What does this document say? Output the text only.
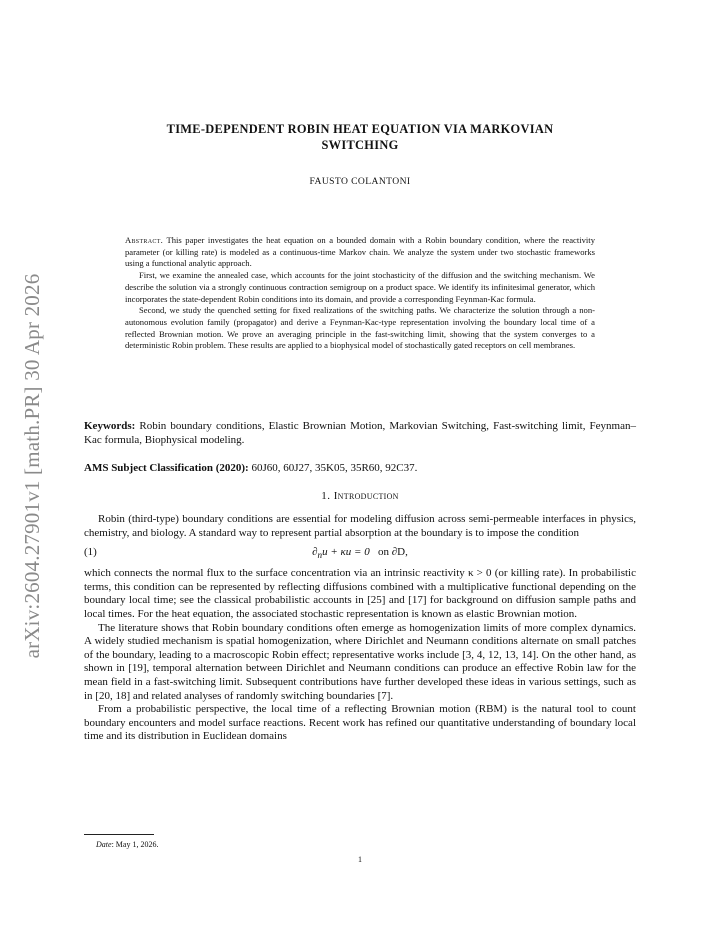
arXiv:2604.27901v1 [math.PR] 30 Apr 2026
TIME-DEPENDENT ROBIN HEAT EQUATION VIA MARKOVIAN
SWITCHING
FAUSTO COLANTONI

Abstract. This paper investigates the heat equation on a bounded domain with a Robin boundary condition, where the reactivity parameter (or killing rate) is modeled as a continuous-time Markov chain. We analyze the system under two stochastic frameworks using a functional analytic approach.

First, we examine the annealed case, which accounts for the joint stochasticity of the diffusion and the switching mechanism. We describe the solution via a strongly continuous contraction semigroup on a product space. We identify its infinitesimal generator, which incorporates the state-dependent Robin conditions into its domain, and provide a corresponding Feynman-Kac formula.

Second, we study the quenched setting for fixed realizations of the switching paths. We characterize the solution through a non-autonomous evolution family (propagator) and derive a Feynman-Kac-type representation involving the boundary local time of a reflected Brownian motion. We prove an averaging principle in the fast-switching limit, showing that the system converges to a deterministic Robin problem. These results are applied to a biophysical model of stochastically gated receptors on cell membranes.

Keywords: Robin boundary conditions, Elastic Brownian Motion, Markovian Switching, Fast-switching limit, Feynman–Kac formula, Biophysical modeling.

AMS Subject Classification (2020): 60J60, 60J27, 35K05, 35R60, 92C37.

1. Introduction

Robin (third-type) boundary conditions are essential for modeling diffusion across semi-permeable interfaces in physics, chemistry, and biology. A standard way to represent partial absorption at the boundary is to impose the condition

(1)	$\partial_nu + \kappa u = 0$ on ∂D,

which connects the normal flux to the surface concentration via an intrinsic reactivity κ > 0 (or killing rate). In probabilistic terms, this condition can be represented by reflecting diffusions combined with a multiplicative functional depending on the boundary local time; see the classical probabilistic accounts in [25] and [17] for background on diffusion sample paths and local times. For the heat equation, the associated stochastic representation is known as elastic Brownian motion.

The literature shows that Robin boundary conditions often emerge as homogenization limits of more complex dynamics. A widely studied mechanism is spatial homogenization, where Dirichlet and Neumann conditions alternate on small patches of the boundary, leading to a macroscopic Robin effect; representative works include [3, 4, 12, 13, 14]. On the other hand, as shown in [19], temporal alternation between Dirichlet and Neumann conditions can produce an effective Robin law for the mean field in a fast-switching limit. Subsequent contributions have further developed these ideas in various settings, such as in [20, 18] and related analyses of randomly switching boundaries [7].

From a probabilistic perspective, the local time of a reflecting Brownian motion (RBM) is the natural tool to count boundary encounters and model surface reactions. Recent work has refined our quantitative understanding of boundary local time and its distribution in Euclidean domains

Date: May 1, 2026.
1
